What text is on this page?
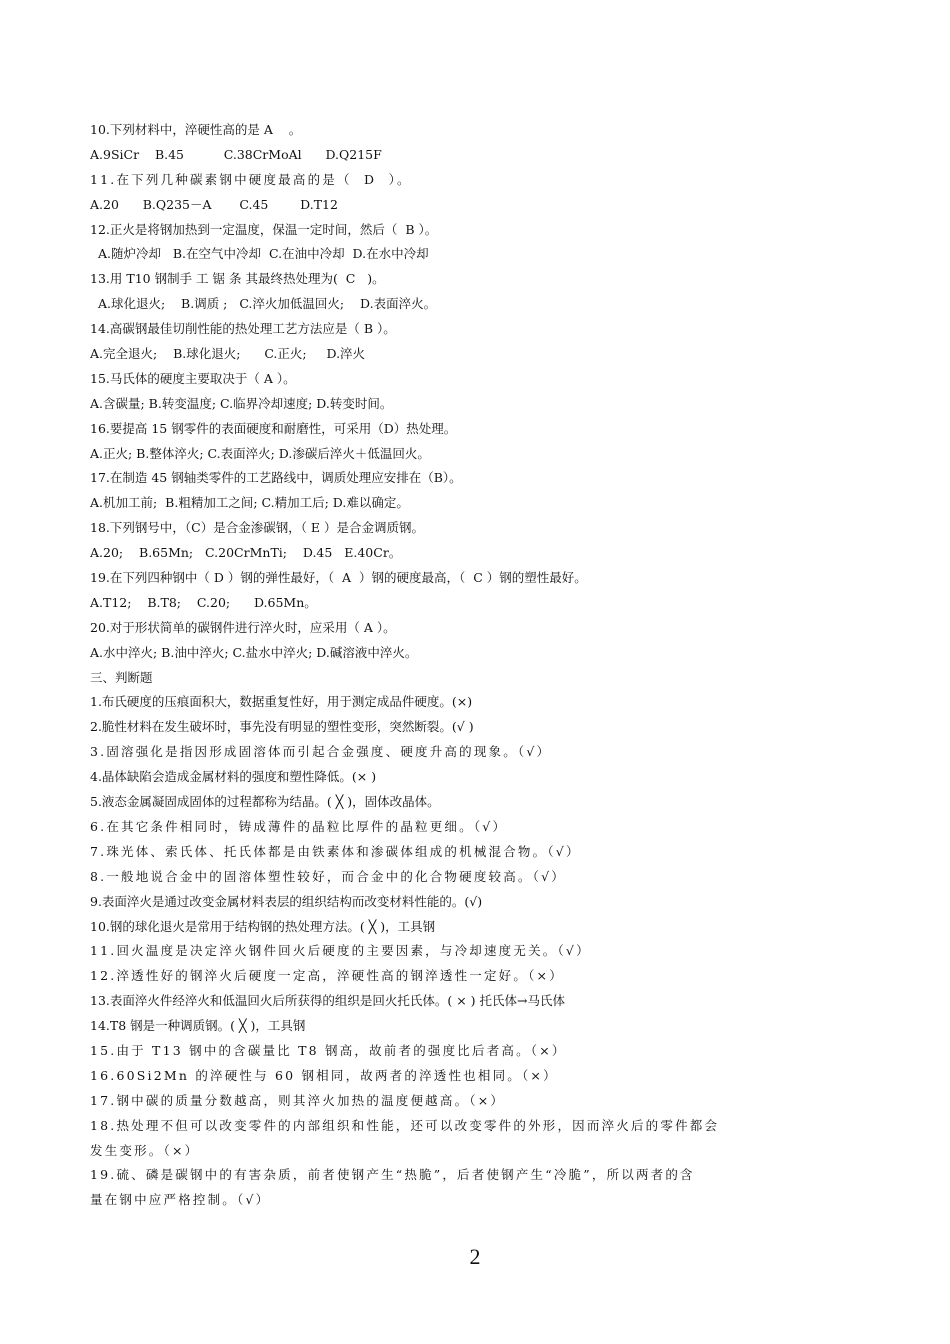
10.下列材料中，淬硬性高的是 A    。
A.9SiCr    B.45          C.38CrMoAl      D.Q215F
11.在下列几种碳素钢中硬度最高的是（  D  ）。
A.20      B.Q235－A       C.45        D.T12
12.正火是将钢加热到一定温度，保温一定时间，然后（  B ）。
A.随炉冷却   B.在空气中冷却  C.在油中冷却  D.在水中冷却
13.用 T10 钢制手 工 锯 条 其最终热处理为(  C   )。
A.球化退火;    B.调质 ;   C.淬火加低温回火;    D.表面淬火。
14.高碳钢最佳切削性能的热处理工艺方法应是（ B ）。
A.完全退火;    B.球化退火;      C.正火;     D.淬火
15.马氏体的硬度主要取决于（ A ）。
A.含碳量; B.转变温度; C.临界冷却速度; D.转变时间。
16.要提高 15 钢零件的表面硬度和耐磨性，可采用（D）热处理。
A.正火; B.整体淬火; C.表面淬火; D.渗碳后淬火＋低温回火。
17.在制造 45 钢轴类零件的工艺路线中，调质处理应安排在（B）。
A.机加工前;  B.粗精加工之间; C.精加工后; D.难以确定。
18.下列钢号中，（C）是合金渗碳钢，（ E ）是合金调质钢。
A.20;    B.65Mn;   C.20CrMnTi;    D.45   E.40Cr。
19.在下列四种钢中（ D ）钢的弹性最好，（  A  ）钢的硬度最高，（  C ）钢的塑性最好。
A.T12;    B.T8;    C.20;      D.65Mn。
20.对于形状简单的碳钢件进行淬火时，应采用（ A ）。
A.水中淬火; B.油中淬火; C.盐水中淬火; D.碱溶液中淬火。
三、判断题
1.布氏硬度的压痕面积大，数据重复性好，用于测定成品件硬度。(×)
2.脆性材料在发生破坏时，事先没有明显的塑性变形，突然断裂。(√ )
3.固溶强化是指因形成固溶体而引起合金强度、硬度升高的现象。（√）
4.晶体缺陷会造成金属材料的强度和塑性降低。(× )
5.液态金属凝固成固体的过程都称为结晶。( ╳ )，固体改晶体。
6.在其它条件相同时，铸成薄件的晶粒比厚件的晶粒更细。（√）
7.珠光体、索氏体、托氏体都是由铁素体和渗碳体组成的机械混合物。（√）
8.一般地说合金中的固溶体塑性较好，而合金中的化合物硬度较高。（√）
9.表面淬火是通过改变金属材料表层的组织结构而改变材料性能的。(√)
10.钢的球化退火是常用于结构钢的热处理方法。( ╳ )，工具钢
11.回火温度是决定淬火钢件回火后硬度的主要因素，与冷却速度无关。（√）
12.淬透性好的钢淬火后硬度一定高，淬硬性高的钢淬透性一定好。（×）
13.表面淬火件经淬火和低温回火后所获得的组织是回火托氏体。( × ) 托氏体→马氏体
14.T8 钢是一种调质钢。( ╳ )，工具钢
15.由于 T13 钢中的含碳量比 T8 钢高，故前者的强度比后者高。（×）
16.60Si2Mn 的淬硬性与 60 钢相同，故两者的淬透性也相同。（×）
17.钢中碳的质量分数越高，则其淬火加热的温度便越高。（×）
18.热处理不但可以改变零件的内部组织和性能，还可以改变零件的外形，因而淬火后的零件都会
发生变形。（×）
19.硫、磷是碳钢中的有害杂质，前者使钢产生“热脆”，后者使钢产生“冷脆”，所以两者的含
量在钢中应严格控制。（√）
2
